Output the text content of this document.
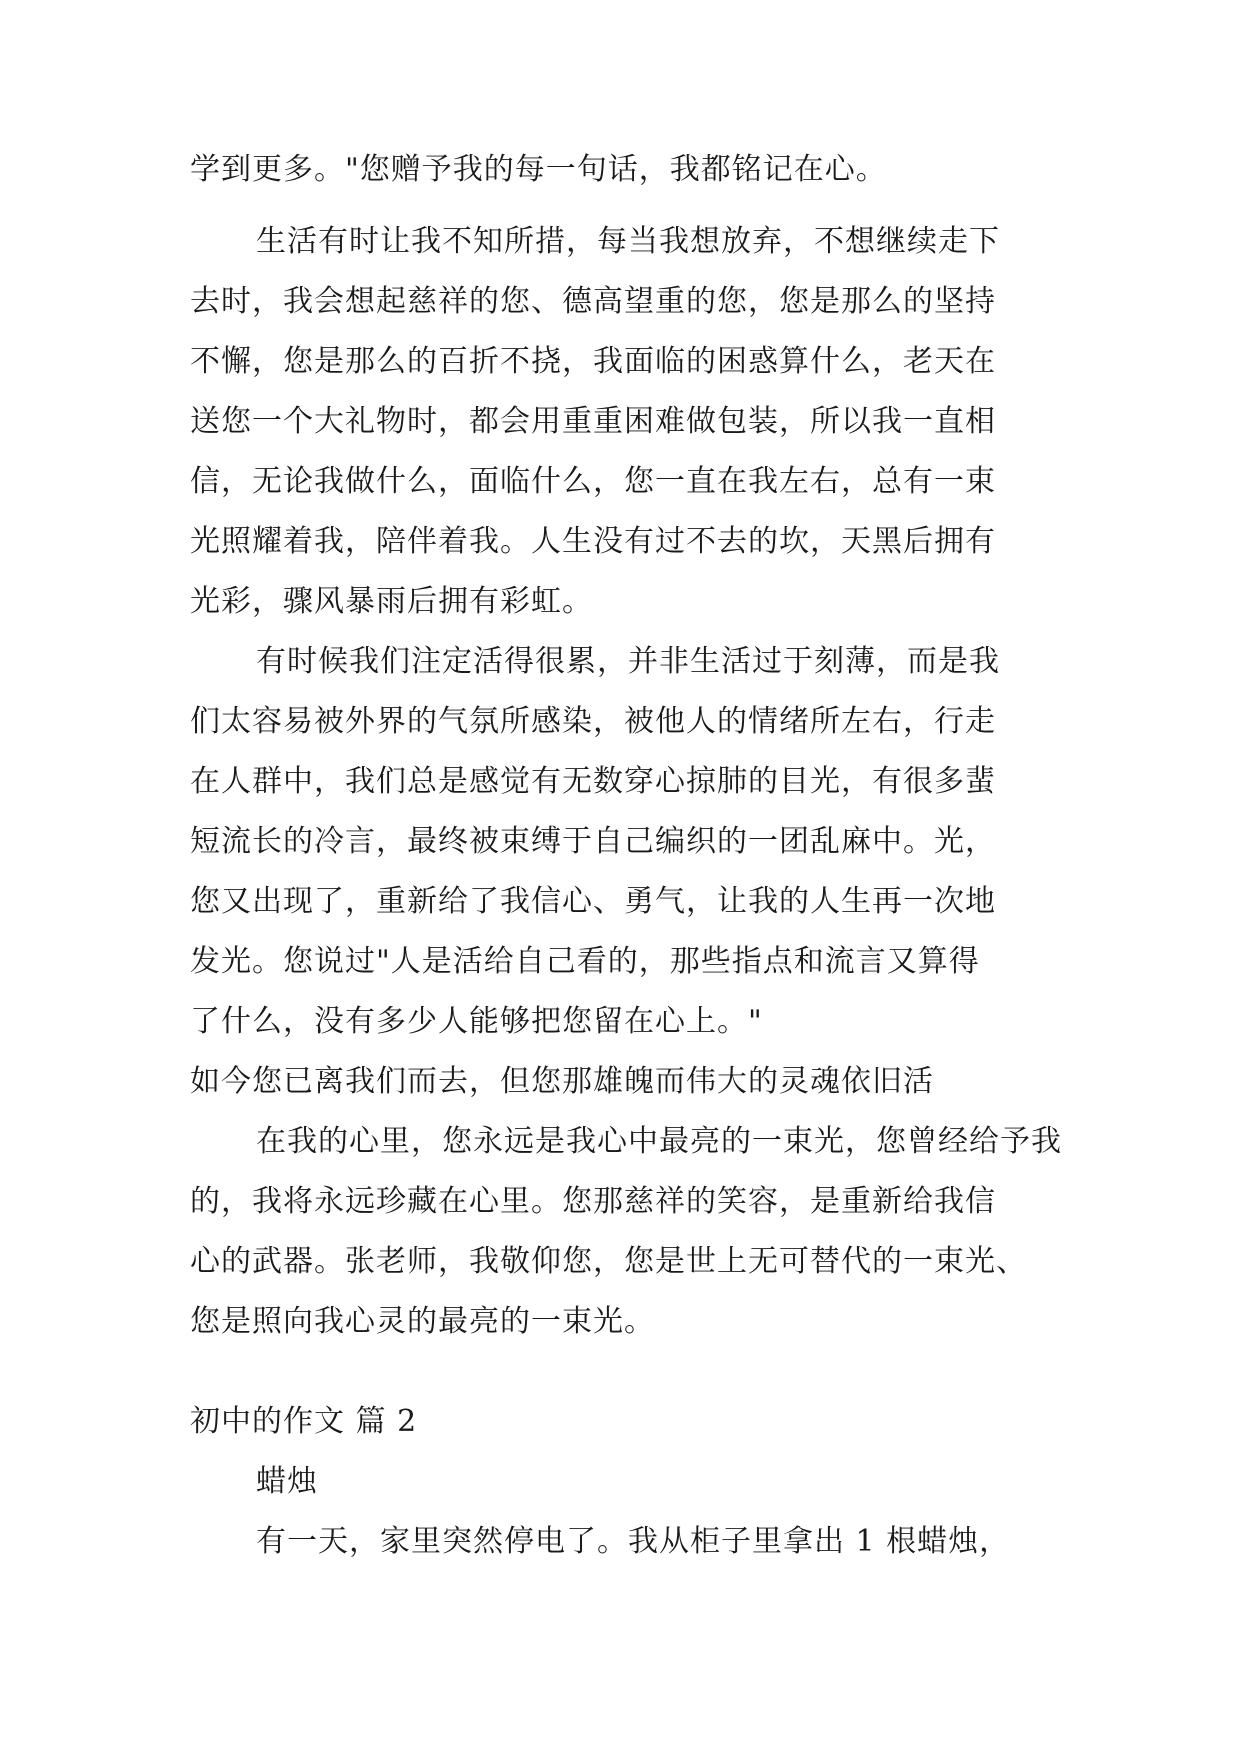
学到更多。"您赠予我的每一句话，我都铭记在心。
生活有时让我不知所措，每当我想放弃，不想继续走下
去时，我会想起慈祥的您、德高望重的您，您是那么的坚持
不懈，您是那么的百折不挠，我面临的困惑算什么，老天在
送您一个大礼物时，都会用重重困难做包装，所以我一直相
信，无论我做什么，面临什么，您一直在我左右，总有一束
光照耀着我，陪伴着我。人生没有过不去的坎，天黑后拥有
光彩，骤风暴雨后拥有彩虹。
有时候我们注定活得很累，并非生活过于刻薄，而是我
们太容易被外界的气氛所感染，被他人的情绪所左右，行走
在人群中，我们总是感觉有无数穿心掠肺的目光，有很多蜚
短流长的冷言，最终被束缚于自己编织的一团乱麻中。光，
您又出现了，重新给了我信心、勇气，让我的人生再一次地
发光。您说过"人是活给自己看的，那些指点和流言又算得
了什么，没有多少人能够把您留在心上。"
如今您已离我们而去，但您那雄魄而伟大的灵魂依旧活
在我的心里，您永远是我心中最亮的一束光，您曾经给予我
的，我将永远珍藏在心里。您那慈祥的笑容，是重新给我信
心的武器。张老师，我敬仰您，您是世上无可替代的一束光、
您是照向我心灵的最亮的一束光。
初中的作文 篇 2
蜡烛
有一天，家里突然停电了。我从柜子里拿出 1 根蜡烛，
